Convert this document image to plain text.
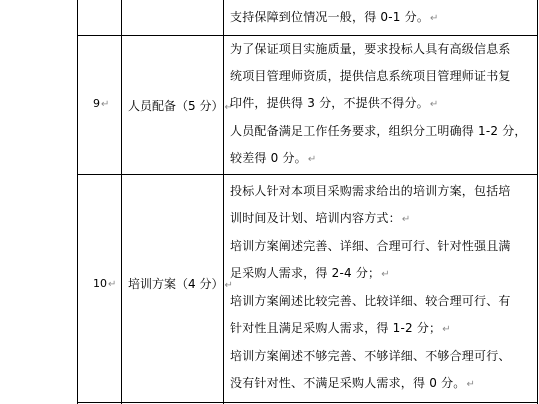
支持保障到位情况一般，得 0-1 分。↵
9↵ 人员配备（5 分）↵
为了保证项目实施质量，要求投标人具有高级信息系
统项目管理师资质，提供信息系统项目管理师证书复
印件，提供得 3 分，不提供不得分。↵
人员配备满足工作任务要求，组织分工明确得 1-2 分，
较差得 0 分。↵
10↵ 培训方案（4 分）↵
投标人针对本项目采购需求给出的培训方案，包括培
训时间及计划、培训内容方式：↵
培训方案阐述完善、详细、合理可行、针对性强且满
足采购人需求，得 2-4 分；↵
培训方案阐述比较完善、比较详细、较合理可行、有
针对性且满足采购人需求，得 1-2 分；↵
培训方案阐述不够完善、不够详细、不够合理可行、
没有针对性、不满足采购人需求，得 0 分。↵
